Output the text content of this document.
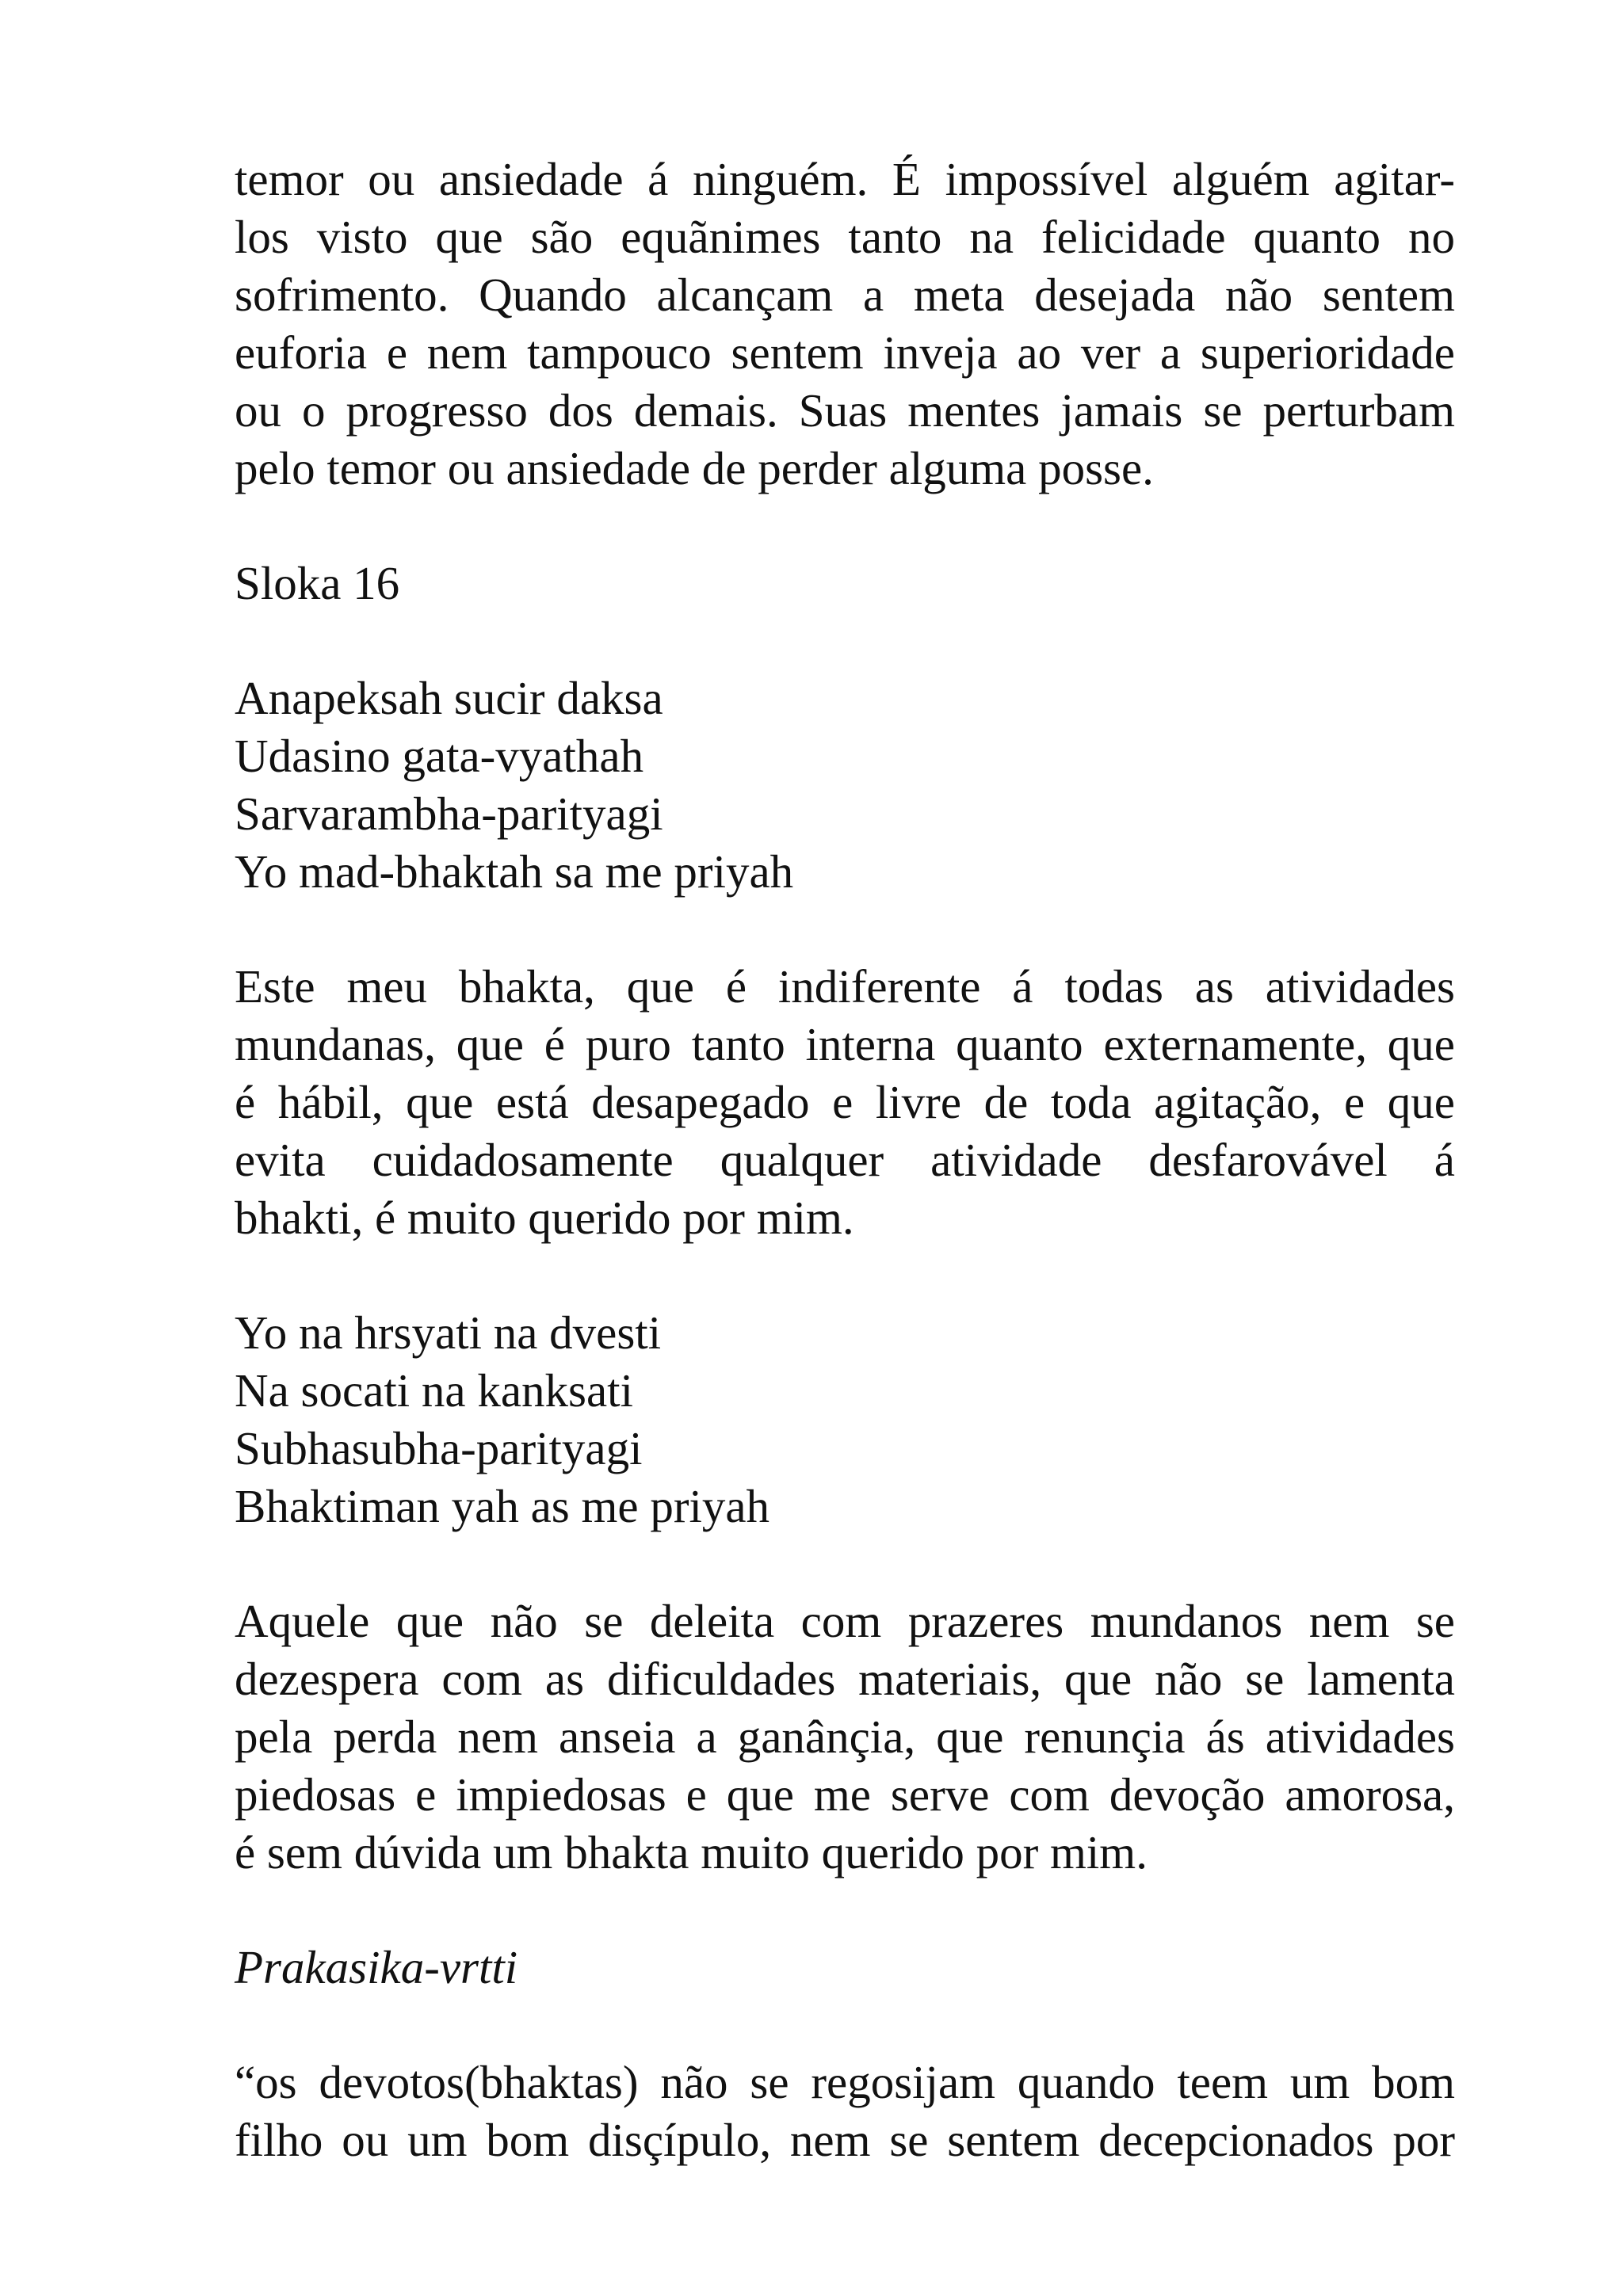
temor ou ansiedade á ninguém. É impossível alguém agitar-
los visto que são equãnimes tanto na felicidade quanto no
sofrimento. Quando alcançam a meta desejada não sentem
euforia e nem tampouco sentem inveja ao ver a superioridade
ou o progresso dos demais. Suas mentes jamais se perturbam
pelo temor ou ansiedade de perder alguma posse.
Sloka 16
Anapeksah sucir daksa
Udasino gata-vyathah
Sarvarambha-parityagi
Yo mad-bhaktah sa me priyah
Este meu bhakta, que é indiferente á todas as atividades
mundanas, que é puro tanto interna quanto externamente, que
é hábil, que está desapegado e livre de toda agitação, e que
evita cuidadosamente qualquer atividade desfarovável á
bhakti, é muito querido por mim.
Yo na hrsyati na dvesti
Na socati na kanksati
Subhasubha-parityagi
Bhaktiman yah as me priyah
Aquele que não se deleita com prazeres mundanos nem se
dezespera com as dificuldades materiais, que não se lamenta
pela perda nem anseia a ganânçia, que renunçia ás atividades
piedosas e impiedosas e que me serve com devoção amorosa,
é sem dúvida um bhakta muito querido por mim.
Prakasika-vrtti
“os devotos(bhaktas) não se regosijam quando teem um bom
filho ou um bom disçípulo, nem se sentem decepcionados por
